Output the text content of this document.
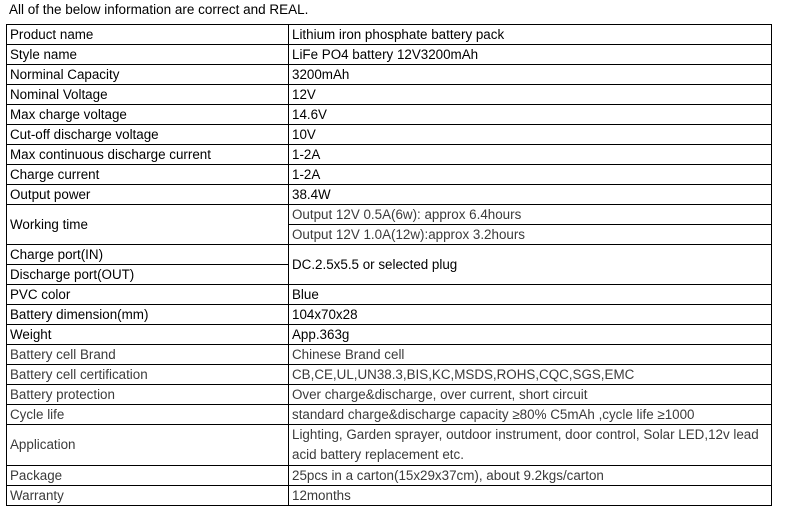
All of the below information are correct and REAL.
Product name	Lithium iron phosphate battery pack
Style name	LiFe PO4 battery 12V3200mAh
Norminal Capacity	3200mAh
Nominal Voltage	12V
Max charge voltage	14.6V
Cut-off discharge voltage	10V
Max continuous discharge current	1-2A
Charge current	1-2A
Output power	38.4W
Working time	Output 12V 0.5A(6w): approx 6.4hours
	Output 12V 1.0A(12w):approx 3.2hours
Charge port(IN)	DC.2.5x5.5 or selected plug
Discharge port(OUT)	
PVC color	Blue
Battery dimension(mm)	104x70x28
Weight	App.363g
Battery cell Brand	Chinese Brand cell
Battery cell certification	CB,CE,UL,UN38.3,BIS,KC,MSDS,ROHS,CQC,SGS,EMC
Battery protection	Over charge&discharge, over current, short circuit
Cycle life	standard charge&discharge capacity ≥80% C5mAh ,cycle life ≥1000
Application	Lighting, Garden sprayer, outdoor instrument, door control, Solar LED,12v lead acid battery replacement etc.
Package	25pcs in a carton(15x29x37cm), about 9.2kgs/carton
Warranty	12months
